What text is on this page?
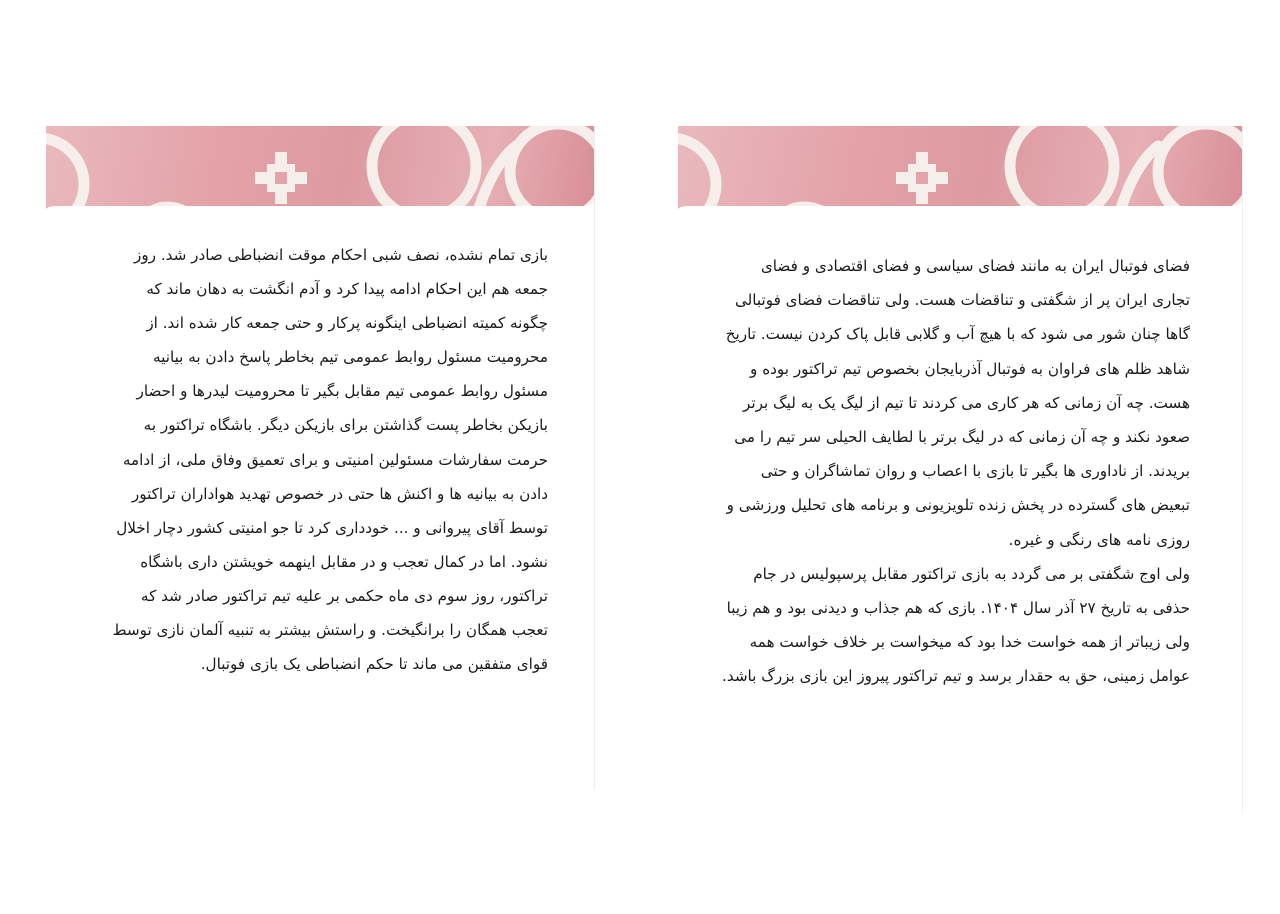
بازی تمام نشده، نصف شبی احکام موقت انضباطی صادر شد. روز جمعه هم این احکام ادامه پیدا کرد و آدم انگشت به دهان ماند که چگونه کمیته انضباطی اینگونه پرکار و حتی جمعه کار شده اند. از محرومیت مسئول روابط عمومی تیم بخاطر پاسخ دادن به بیانیه مسئول روابط عمومی تیم مقابل بگیر تا محرومیت لیدرها و احضار بازیکن بخاطر پست گذاشتن برای بازیکن دیگر. باشگاه تراکتور به حرمت سفارشات مسئولین امنیتی و برای تعمیق وفاق ملی، از ادامه دادن به بیانیه ها و اکنش ها حتی در خصوص تهدید هواداران تراکتور توسط آقای پیروانی و ... خودداری کرد تا جو امنیتی کشور دچار اخلال نشود. اما در کمال تعجب و در مقابل اینهمه خویشتن داری باشگاه تراکتور، روز سوم دی ماه حکمی بر علیه تیم تراکتور صادر شد که تعجب همگان را برانگیخت. و راستش بیشتر به تنبیه آلمان نازی توسط قوای متفقین می ماند تا حکم انضباطی یک بازی فوتبال.

فضای فوتبال ایران به مانند فضای سیاسی و فضای اقتصادی و فضای تجاری ایران پر از شگفتی و تناقضات هست. ولی تناقضات فضای فوتبالی گاها چنان شور می شود که با هیچ آب و گلابی قابل پاک کردن نیست. تاریخ شاهد ظلم های فراوان به فوتبال آذربایجان بخصوص تیم تراکتور بوده و هست. چه آن زمانی که هر کاری می کردند تا تیم از لیگ یک به لیگ برتر صعود نکند و چه آن زمانی که در لیگ برتر با لطایف الحیلی سر تیم را می بریدند. از ناداوری ها بگیر تا بازی با اعصاب و روان تماشاگران و حتی تبعیض های گسترده در پخش زنده تلویزیونی و برنامه های تحلیل ورزشی و روزی نامه های رنگی و غیره.

ولی اوج شگفتی بر می گردد به بازی تراکتور مقابل پرسپولیس در جام حذفی به تاریخ ۲۷ آذر سال ۱۴۰۴. بازی که هم جذاب و دیدنی بود و هم زیبا ولی زیباتر از همه خواست خدا بود که میخواست بر خلاف خواست همه عوامل زمینی، حق به حقدار برسد و تیم تراکتور پیروز این بازی بزرگ باشد.
